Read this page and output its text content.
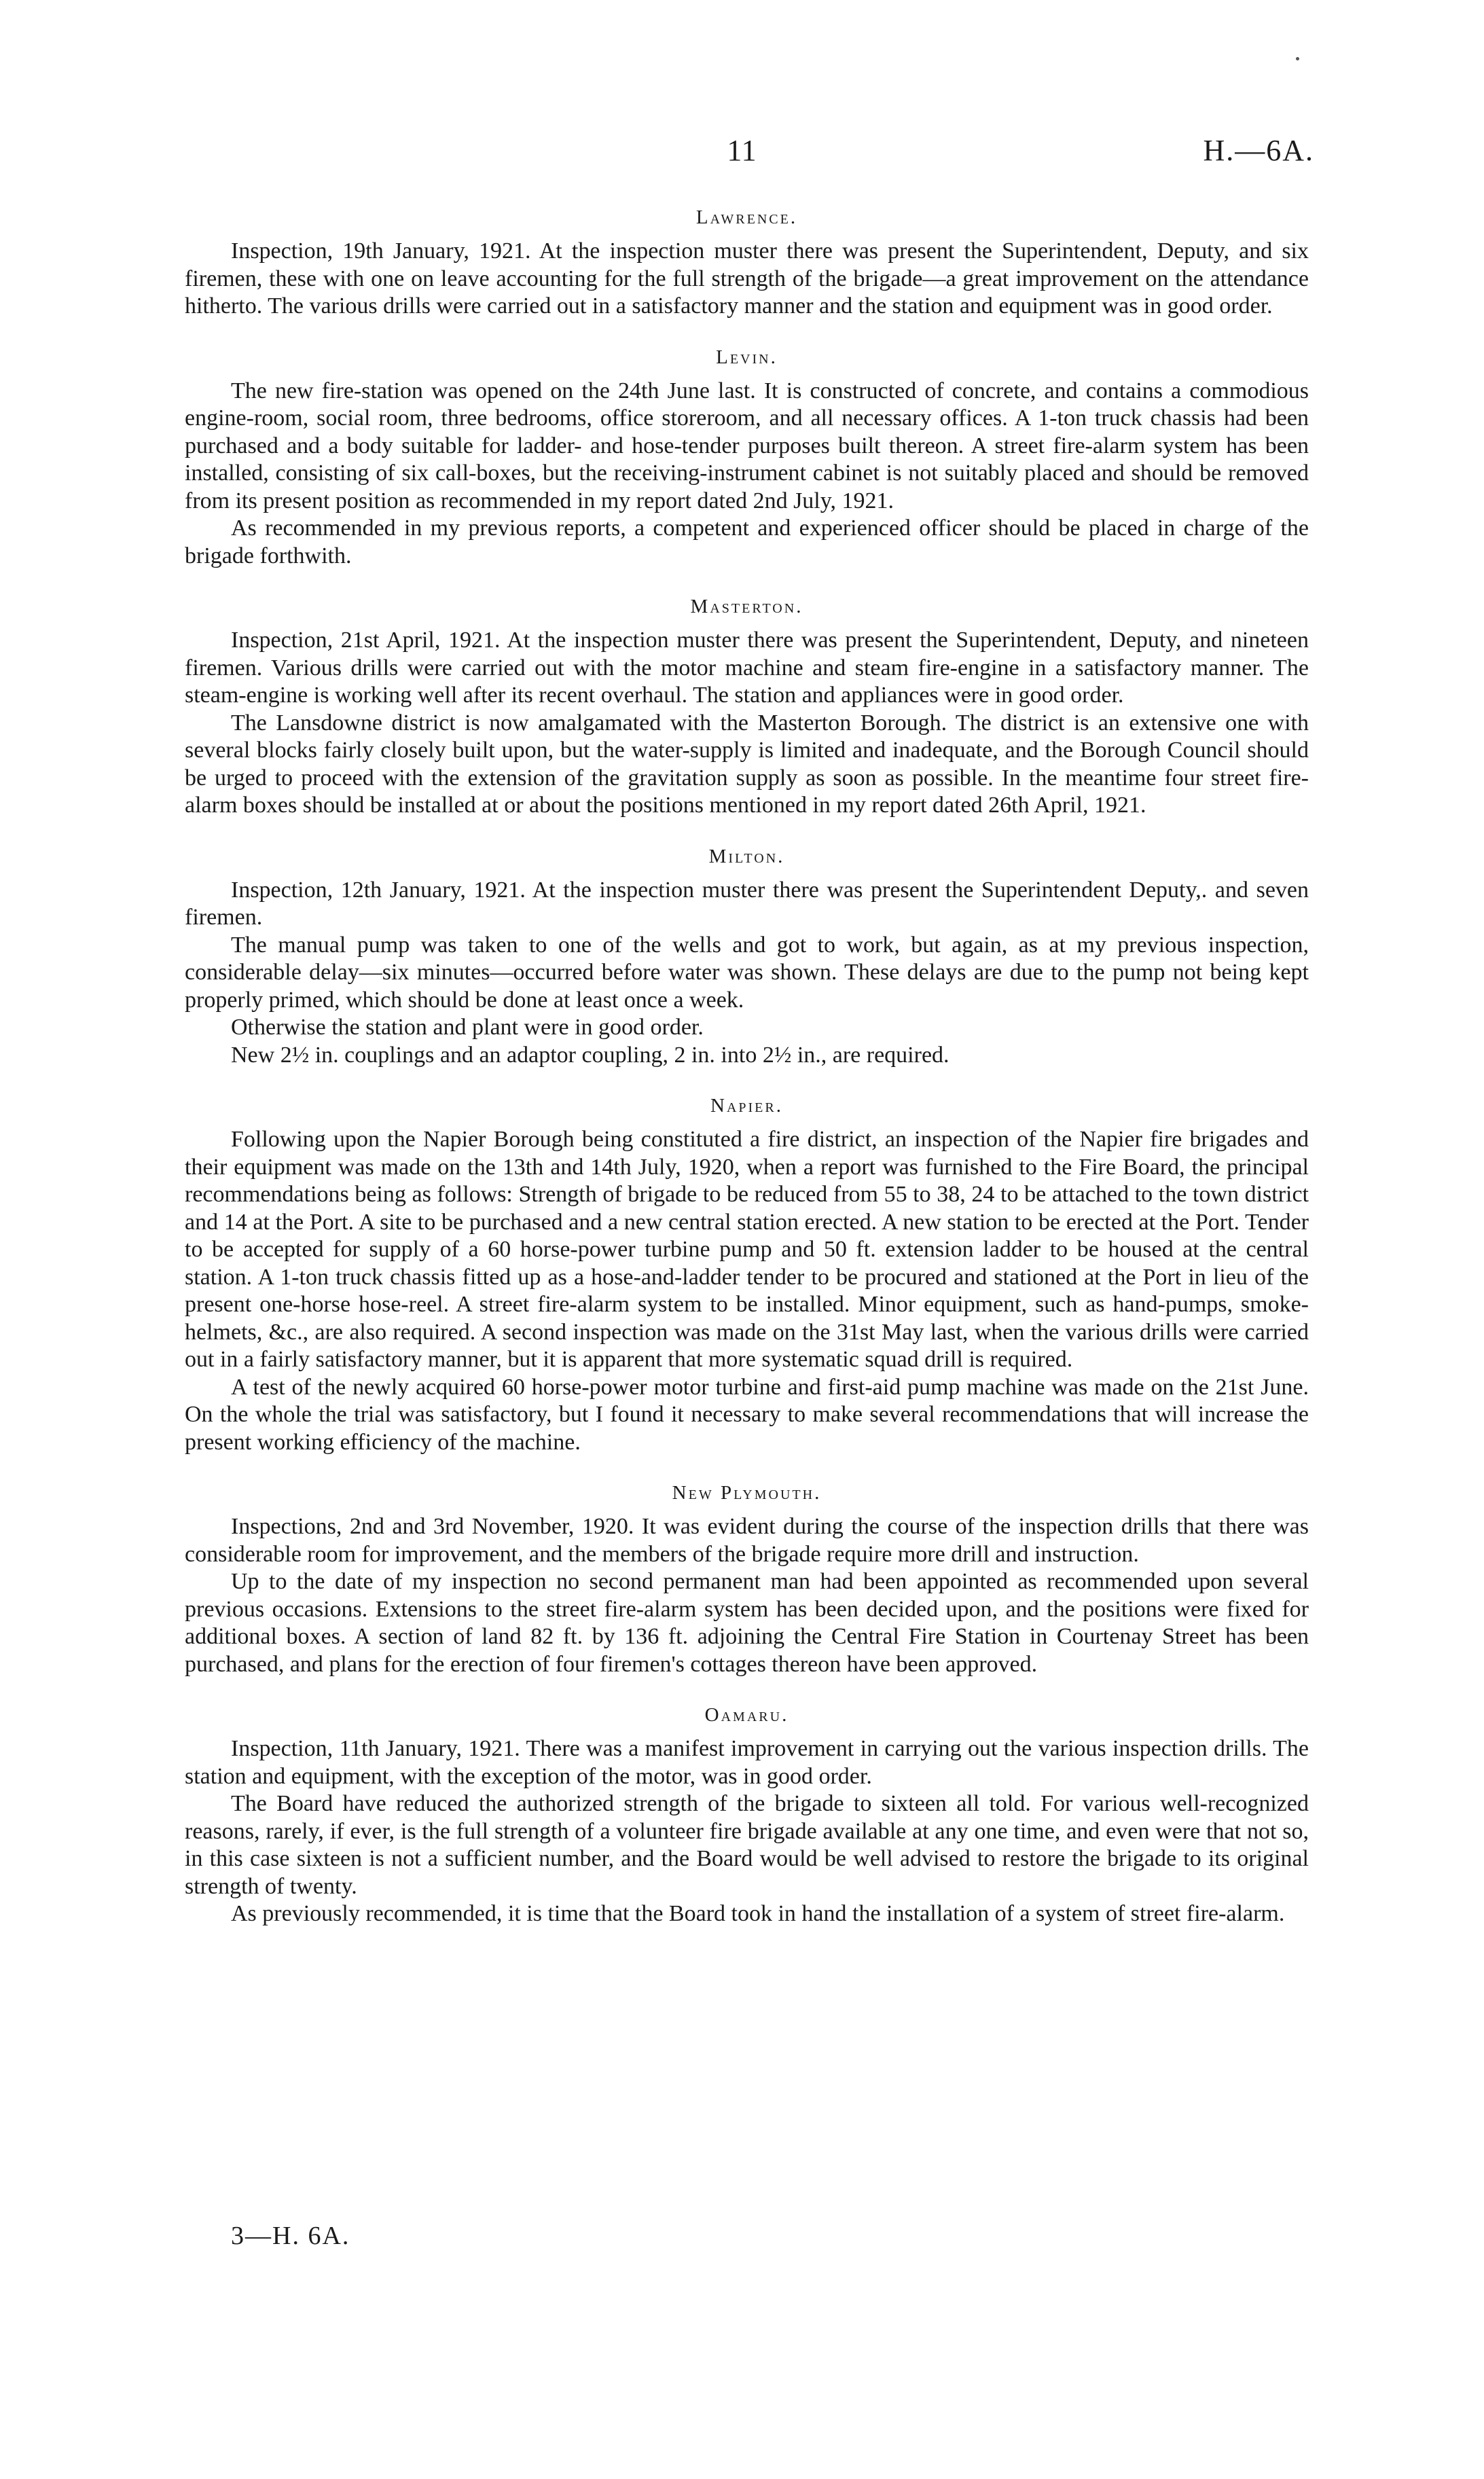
11	H.—6A.
Lawrence.

Inspection, 19th January, 1921. At the inspection muster there was present the Superintendent, Deputy, and six firemen, these with one on leave accounting for the full strength of the brigade—a great improvement on the attendance hitherto. The various drills were carried out in a satisfactory manner and the station and equipment was in good order.

Levin.

The new fire-station was opened on the 24th June last. It is constructed of concrete, and contains a commodious engine-room, social room, three bedrooms, office storeroom, and all necessary offices. A 1-ton truck chassis had been purchased and a body suitable for ladder- and hose-tender purposes built thereon. A street fire-alarm system has been installed, consisting of six call-boxes, but the receiving-instrument cabinet is not suitably placed and should be removed from its present position as recommended in my report dated 2nd July, 1921.

As recommended in my previous reports, a competent and experienced officer should be placed in charge of the brigade forthwith.

Masterton.

Inspection, 21st April, 1921. At the inspection muster there was present the Superintendent, Deputy, and nineteen firemen. Various drills were carried out with the motor machine and steam fire-engine in a satisfactory manner. The steam-engine is working well after its recent overhaul. The station and appliances were in good order.

The Lansdowne district is now amalgamated with the Masterton Borough. The district is an extensive one with several blocks fairly closely built upon, but the water-supply is limited and inadequate, and the Borough Council should be urged to proceed with the extension of the gravitation supply as soon as possible. In the meantime four street fire-alarm boxes should be installed at or about the positions mentioned in my report dated 26th April, 1921.

Milton.

Inspection, 12th January, 1921. At the inspection muster there was present the Superintendent Deputy,. and seven firemen.

The manual pump was taken to one of the wells and got to work, but again, as at my previous inspection, considerable delay—six minutes—occurred before water was shown. These delays are due to the pump not being kept properly primed, which should be done at least once a week.

Otherwise the station and plant were in good order.

New 2½ in. couplings and an adaptor coupling, 2 in. into 2½ in., are required.

Napier.

Following upon the Napier Borough being constituted a fire district, an inspection of the Napier fire brigades and their equipment was made on the 13th and 14th July, 1920, when a report was furnished to the Fire Board, the principal recommendations being as follows: Strength of brigade to be reduced from 55 to 38, 24 to be attached to the town district and 14 at the Port. A site to be purchased and a new central station erected. A new station to be erected at the Port. Tender to be accepted for supply of a 60 horse-power turbine pump and 50 ft. extension ladder to be housed at the central station. A 1-ton truck chassis fitted up as a hose-and-ladder tender to be procured and stationed at the Port in lieu of the present one-horse hose-reel. A street fire-alarm system to be installed. Minor equipment, such as hand-pumps, smoke-helmets, &c., are also required. A second inspection was made on the 31st May last, when the various drills were carried out in a fairly satisfactory manner, but it is apparent that more systematic squad drill is required.

A test of the newly acquired 60 horse-power motor turbine and first-aid pump machine was made on the 21st June. On the whole the trial was satisfactory, but I found it necessary to make several recommendations that will increase the present working efficiency of the machine.

New Plymouth.

Inspections, 2nd and 3rd November, 1920. It was evident during the course of the inspection drills that there was considerable room for improvement, and the members of the brigade require more drill and instruction.

Up to the date of my inspection no second permanent man had been appointed as recommended upon several previous occasions. Extensions to the street fire-alarm system has been decided upon, and the positions were fixed for additional boxes. A section of land 82 ft. by 136 ft. adjoining the Central Fire Station in Courtenay Street has been purchased, and plans for the erection of four firemen's cottages thereon have been approved.

Oamaru.

Inspection, 11th January, 1921. There was a manifest improvement in carrying out the various inspection drills. The station and equipment, with the exception of the motor, was in good order.

The Board have reduced the authorized strength of the brigade to sixteen all told. For various well-recognized reasons, rarely, if ever, is the full strength of a volunteer fire brigade available at any one time, and even were that not so, in this case sixteen is not a sufficient number, and the Board would be well advised to restore the brigade to its original strength of twenty.

As previously recommended, it is time that the Board took in hand the installation of a system of street fire-alarm.

3—H. 6A.
